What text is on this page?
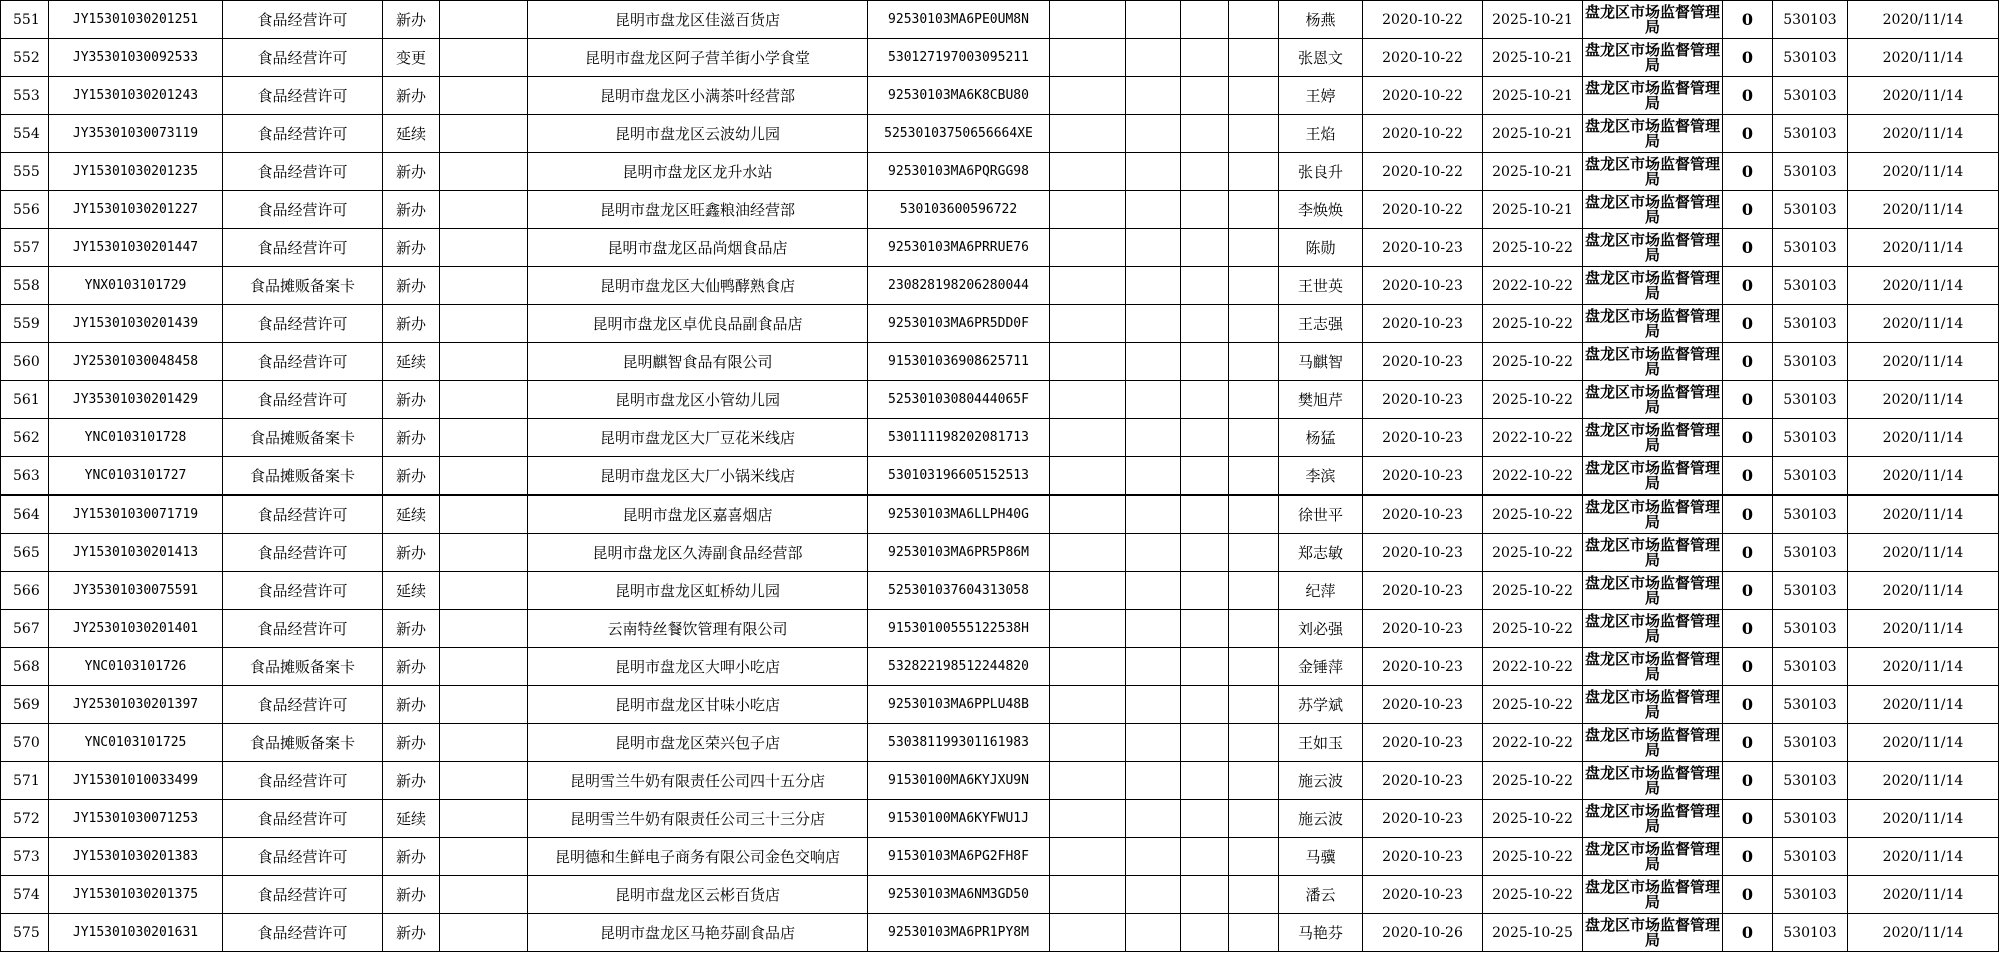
551	JY15301030201251	食品经营许可	新办		昆明市盘龙区佳滋百货店	92530103MA6PE0UM8N					杨燕	2020-10-22	2025-10-21	盘龙区市场监督管理局	0	530103	2020/11/14
552	JY35301030092533	食品经营许可	变更		昆明市盘龙区阿子营羊街小学食堂	530127197003095211					张恩文	2020-10-22	2025-10-21	盘龙区市场监督管理局	0	530103	2020/11/14
553	JY15301030201243	食品经营许可	新办		昆明市盘龙区小满茶叶经营部	92530103MA6K8CBU80					王婷	2020-10-22	2025-10-21	盘龙区市场监督管理局	0	530103	2020/11/14
554	JY35301030073119	食品经营许可	延续		昆明市盘龙区云波幼儿园	52530103750656664XE					王焰	2020-10-22	2025-10-21	盘龙区市场监督管理局	0	530103	2020/11/14
555	JY15301030201235	食品经营许可	新办		昆明市盘龙区龙升水站	92530103MA6PQRGG98					张良升	2020-10-22	2025-10-21	盘龙区市场监督管理局	0	530103	2020/11/14
556	JY15301030201227	食品经营许可	新办		昆明市盘龙区旺鑫粮油经营部	530103600596722					李焕焕	2020-10-22	2025-10-21	盘龙区市场监督管理局	0	530103	2020/11/14
557	JY15301030201447	食品经营许可	新办		昆明市盘龙区品尚烟食品店	92530103MA6PRRUE76					陈勋	2020-10-23	2025-10-22	盘龙区市场监督管理局	0	530103	2020/11/14
558	YNX0103101729	食品摊贩备案卡	新办		昆明市盘龙区大仙鸭酵熟食店	230828198206280044					王世英	2020-10-23	2022-10-22	盘龙区市场监督管理局	0	530103	2020/11/14
559	JY15301030201439	食品经营许可	新办		昆明市盘龙区卓优良品副食品店	92530103MA6PR5DD0F					王志强	2020-10-23	2025-10-22	盘龙区市场监督管理局	0	530103	2020/11/14
560	JY25301030048458	食品经营许可	延续		昆明麒智食品有限公司	915301036908625711					马麒智	2020-10-23	2025-10-22	盘龙区市场监督管理局	0	530103	2020/11/14
561	JY35301030201429	食品经营许可	新办		昆明市盘龙区小管幼儿园	52530103080444065F					樊旭芹	2020-10-23	2025-10-22	盘龙区市场监督管理局	0	530103	2020/11/14
562	YNC0103101728	食品摊贩备案卡	新办		昆明市盘龙区大厂豆花米线店	530111198202081713					杨猛	2020-10-23	2022-10-22	盘龙区市场监督管理局	0	530103	2020/11/14
563	YNC0103101727	食品摊贩备案卡	新办		昆明市盘龙区大厂小锅米线店	530103196605152513					李滨	2020-10-23	2022-10-22	盘龙区市场监督管理局	0	530103	2020/11/14
564	JY15301030071719	食品经营许可	延续		昆明市盘龙区嘉喜烟店	92530103MA6LLPH40G					徐世平	2020-10-23	2025-10-22	盘龙区市场监督管理局	0	530103	2020/11/14
565	JY15301030201413	食品经营许可	新办		昆明市盘龙区久涛副食品经营部	92530103MA6PR5P86M					郑志敏	2020-10-23	2025-10-22	盘龙区市场监督管理局	0	530103	2020/11/14
566	JY35301030075591	食品经营许可	延续		昆明市盘龙区虹桥幼儿园	525301037604313058					纪萍	2020-10-23	2025-10-22	盘龙区市场监督管理局	0	530103	2020/11/14
567	JY25301030201401	食品经营许可	新办		云南特丝餐饮管理有限公司	91530100555122538H					刘必强	2020-10-23	2025-10-22	盘龙区市场监督管理局	0	530103	2020/11/14
568	YNC0103101726	食品摊贩备案卡	新办		昆明市盘龙区大呷小吃店	532822198512244820					金锤萍	2020-10-23	2022-10-22	盘龙区市场监督管理局	0	530103	2020/11/14
569	JY25301030201397	食品经营许可	新办		昆明市盘龙区甘味小吃店	92530103MA6PPLU48B					苏学斌	2020-10-23	2025-10-22	盘龙区市场监督管理局	0	530103	2020/11/14
570	YNC0103101725	食品摊贩备案卡	新办		昆明市盘龙区荣兴包子店	530381199301161983					王如玉	2020-10-23	2022-10-22	盘龙区市场监督管理局	0	530103	2020/11/14
571	JY15301010033499	食品经营许可	新办		昆明雪兰牛奶有限责任公司四十五分店	91530100MA6KYJXU9N					施云波	2020-10-23	2025-10-22	盘龙区市场监督管理局	0	530103	2020/11/14
572	JY15301030071253	食品经营许可	延续		昆明雪兰牛奶有限责任公司三十三分店	91530100MA6KYFWU1J					施云波	2020-10-23	2025-10-22	盘龙区市场监督管理局	0	530103	2020/11/14
573	JY15301030201383	食品经营许可	新办		昆明德和生鲜电子商务有限公司金色交响店	91530103MA6PG2FH8F					马骥	2020-10-23	2025-10-22	盘龙区市场监督管理局	0	530103	2020/11/14
574	JY15301030201375	食品经营许可	新办		昆明市盘龙区云彬百货店	92530103MA6NM3GD50					潘云	2020-10-23	2025-10-22	盘龙区市场监督管理局	0	530103	2020/11/14
575	JY15301030201631	食品经营许可	新办		昆明市盘龙区马艳芬副食品店	92530103MA6PR1PY8M					马艳芬	2020-10-26	2025-10-25	盘龙区市场监督管理局	0	530103	2020/11/14
